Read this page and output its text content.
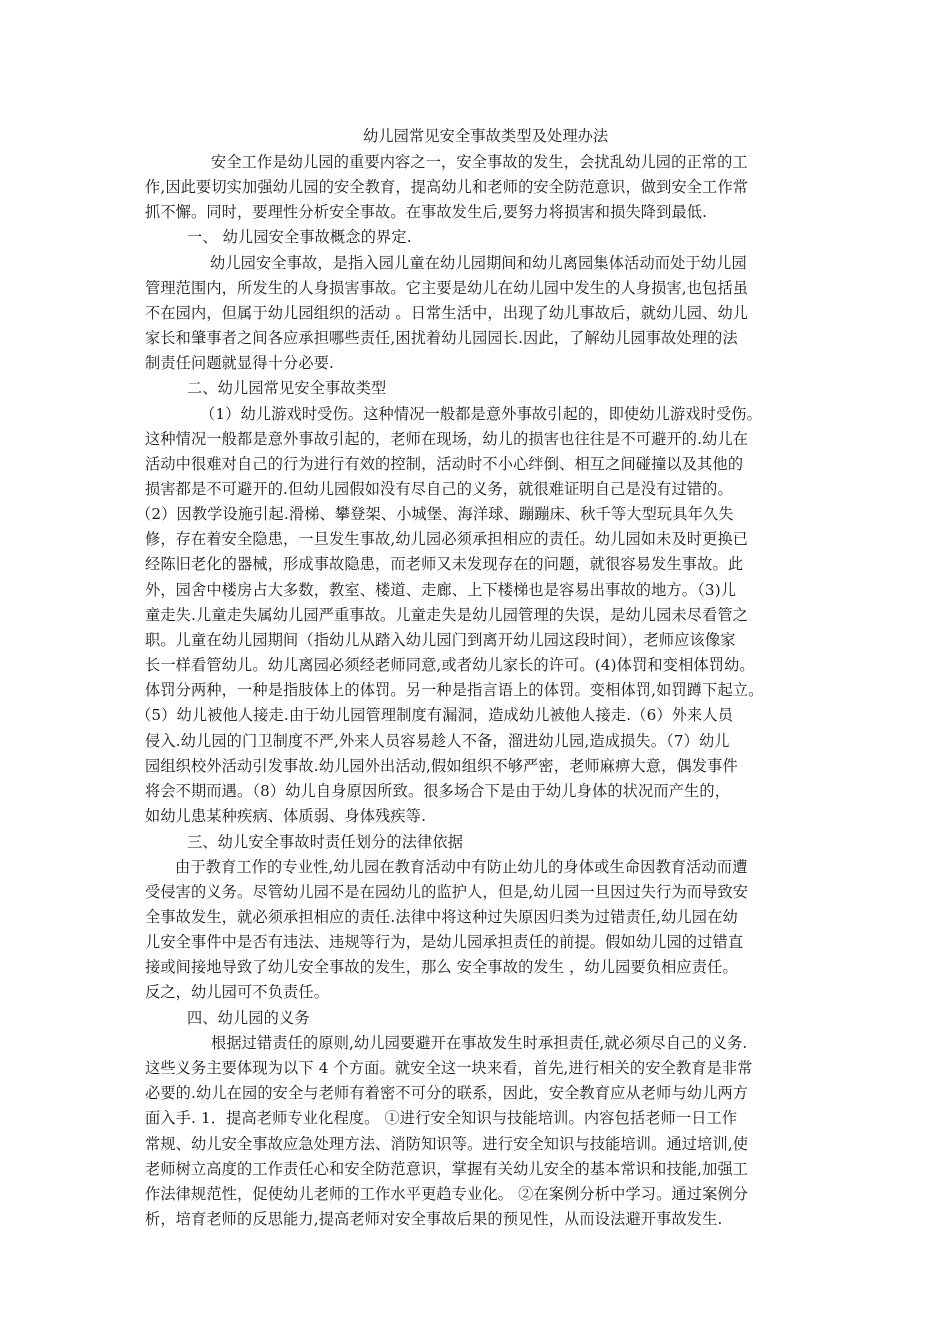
幼儿园常见安全事故类型及处理办法

安全工作是幼儿园的重要内容之一，安全事故的发生，会扰乱幼儿园的正常的工

作,因此要切实加强幼儿园的安全教育，提高幼儿和老师的安全防范意识，做到安全工作常

抓不懈。同时，要理性分析安全事故。在事故发生后,要努力将损害和损失降到最低.

一、 幼儿园安全事故概念的界定.

幼儿园安全事故，是指入园儿童在幼儿园期间和幼儿离园集体活动而处于幼儿园

管理范围内，所发生的人身损害事故。它主要是幼儿在幼儿园中发生的人身损害,也包括虽

不在园内，但属于幼儿园组织的活动 。日常生活中，出现了幼儿事故后，就幼儿园、幼儿

家长和肇事者之间各应承担哪些责任,困扰着幼儿园园长.因此，了解幼儿园事故处理的法

制责任问题就显得十分必要.

二、幼儿园常见安全事故类型

（1）幼儿游戏时受伤。这种情况一般都是意外事故引起的，即使幼儿游戏时受伤。

这种情况一般都是意外事故引起的，老师在现场，幼儿的损害也往往是不可避开的.幼儿在

活动中很难对自己的行为进行有效的控制，活动时不小心绊倒、相互之间碰撞以及其他的

损害都是不可避开的.但幼儿园假如没有尽自己的义务，就很难证明自己是没有过错的。

（2）因教学设施引起.滑梯、攀登架、小城堡、海洋球、蹦蹦床、秋千等大型玩具年久失

修，存在着安全隐患，一旦发生事故,幼儿园必须承担相应的责任。幼儿园如未及时更换已

经陈旧老化的器械，形成事故隐患，而老师又未发现存在的问题，就很容易发生事故。此

外，园舍中楼房占大多数，教室、楼道、走廊、上下楼梯也是容易出事故的地方。（3)儿

童走失.儿童走失属幼儿园严重事故。儿童走失是幼儿园管理的失误，是幼儿园未尽看管之

职。儿童在幼儿园期间（指幼儿从踏入幼儿园门到离开幼儿园这段时间），老师应该像家

长一样看管幼儿。幼儿离园必须经老师同意,或者幼儿家长的许可。(4)体罚和变相体罚幼。

体罚分两种，一种是指肢体上的体罚。另一种是指言语上的体罚。变相体罚,如罚蹲下起立。

（5）幼儿被他人接走.由于幼儿园管理制度有漏洞，造成幼儿被他人接走.（6）外来人员

侵入.幼儿园的门卫制度不严,外来人员容易趁人不备，溜进幼儿园,造成损失。（7）幼儿

园组织校外活动引发事故.幼儿园外出活动,假如组织不够严密，老师麻痹大意，偶发事件

将会不期而遇。（8）幼儿自身原因所致。很多场合下是由于幼儿身体的状况而产生的，

如幼儿患某种疾病、体质弱、身体残疾等.

三、幼儿安全事故时责任划分的法律依据

由于教育工作的专业性,幼儿园在教育活动中有防止幼儿的身体或生命因教育活动而遭

受侵害的义务。尽管幼儿园不是在园幼儿的监护人，但是,幼儿园一旦因过失行为而导致安

全事故发生，就必须承担相应的责任.法律中将这种过失原因归类为过错责任,幼儿园在幼

儿安全事件中是否有违法、违规等行为，是幼儿园承担责任的前提。假如幼儿园的过错直

接或间接地导致了幼儿安全事故的发生，那么 安全事故的发生 ，幼儿园要负相应责任。

反之，幼儿园可不负责任。

四、幼儿园的义务

根据过错责任的原则,幼儿园要避开在事故发生时承担责任,就必须尽自己的义务.

这些义务主要体现为以下 4 个方面。就安全这一块来看，首先,进行相关的安全教育是非常

必要的.幼儿在园的安全与老师有着密不可分的联系，因此，安全教育应从老师与幼儿两方

面入手. 1．提高老师专业化程度。 ①进行安全知识与技能培训。内容包括老师一日工作

常规、幼儿安全事故应急处理方法、消防知识等。进行安全知识与技能培训。通过培训,使

老师树立高度的工作责任心和安全防范意识，掌握有关幼儿安全的基本常识和技能,加强工

作法律规范性，促使幼儿老师的工作水平更趋专业化。 ②在案例分析中学习。通过案例分

析，培育老师的反思能力,提高老师对安全事故后果的预见性，从而设法避开事故发生.
